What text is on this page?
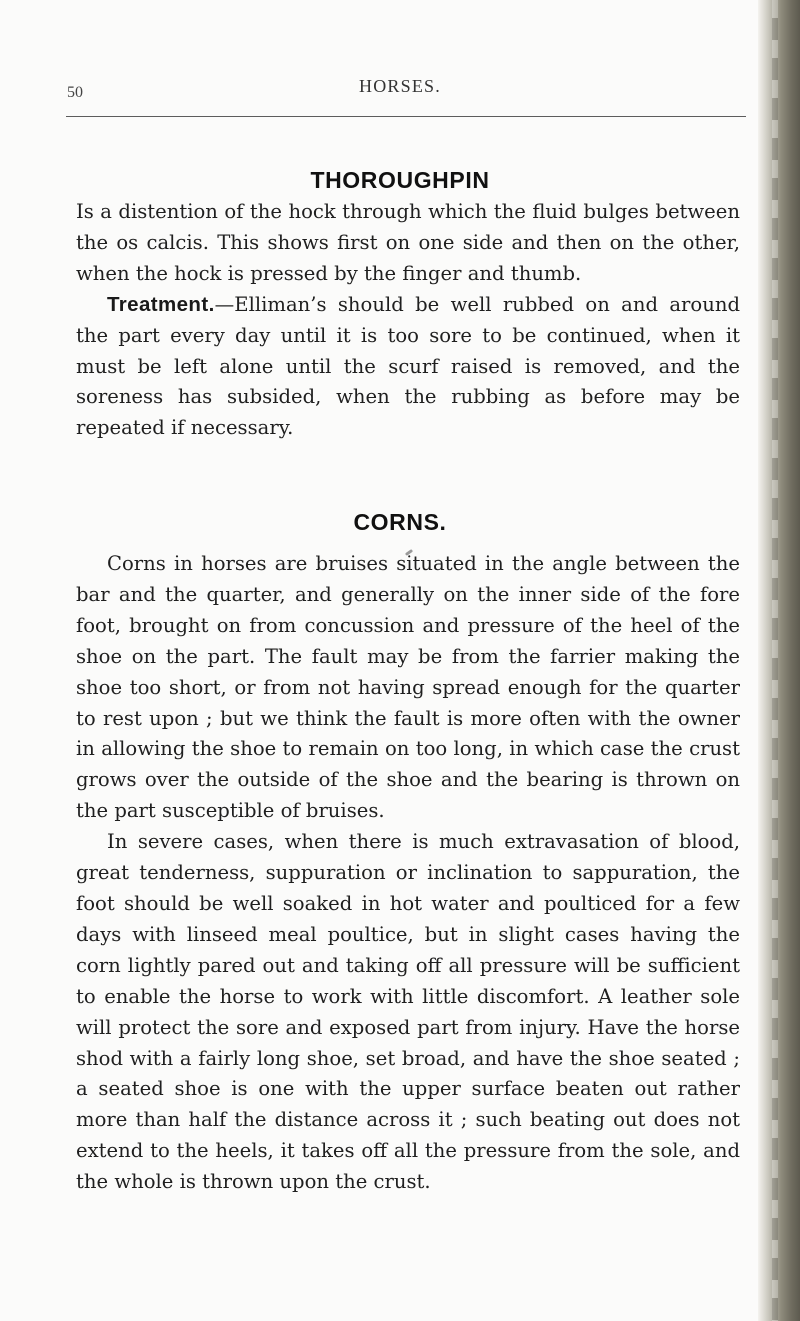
50	HORSES.
THOROUGHPIN

Is a distention of the hock through which the fluid bulges between the os calcis. This shows first on one side and then on the other, when the hock is pressed by the finger and thumb.

Treatment.—Elliman’s should be well rubbed on and around the part every day until it is too sore to be continued, when it must be left alone until the scurf raised is removed, and the soreness has subsided, when the rubbing as before may be repeated if necessary.

CORNS.

Corns in horses are bruises situated in the angle between the bar and the quarter, and generally on the inner side of the fore foot, brought on from concussion and pressure of the heel of the shoe on the part. The fault may be from the farrier making the shoe too short, or from not having spread enough for the quarter to rest upon ; but we think the fault is more often with the owner in allowing the shoe to remain on too long, in which case the crust grows over the outside of the shoe and the bearing is thrown on the part susceptible of bruises.

In severe cases, when there is much extravasation of blood, great tenderness, suppuration or inclination to sappuration, the foot should be well soaked in hot water and poulticed for a few days with linseed meal poultice, but in slight cases having the corn lightly pared out and taking off all pressure will be sufficient to enable the horse to work with little discomfort. A leather sole will protect the sore and exposed part from injury. Have the horse shod with a fairly long shoe, set broad, and have the shoe seated ; a seated shoe is one with the upper surface beaten out rather more than half the distance across it ; such beating out does not extend to the heels, it takes off all the pressure from the sole, and the whole is thrown upon the crust.
